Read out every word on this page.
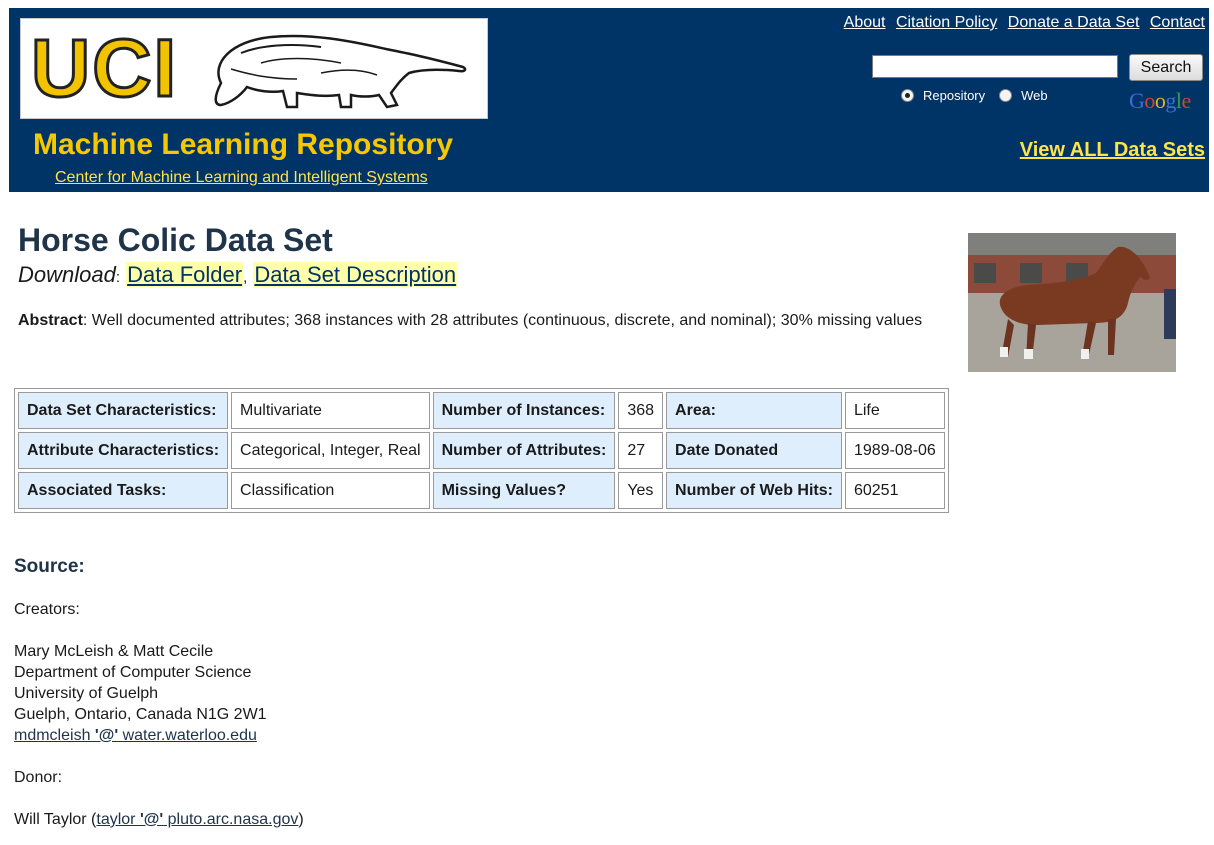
UCI
Machine Learning Repository
Center for Machine Learning and Intelligent Systems
About Citation Policy Donate a Data Set Contact
Search
Repository	Web	Google
View ALL Data Sets
Horse Colic Data Set
Download: Data Folder, Data Set Description

Abstract: Well documented attributes; 368 instances with 28 attributes (continuous, discrete, and nominal); 30% missing values

Data Set Characteristics:	Multivariate	Number of Instances:	368	Area:	Life
Attribute Characteristics:	Categorical, Integer, Real	Number of Attributes:	27	Date Donated	1989-08-06
Associated Tasks:	Classification	Missing Values?	Yes	Number of Web Hits:	60251
Source:
Creators:
Mary McLeish & Matt Cecile
Department of Computer Science
University of Guelph
Guelph, Ontario, Canada N1G 2W1
mdmcleish '@' water.waterloo.edu
Donor:
Will Taylor (taylor '@' pluto.arc.nasa.gov)
